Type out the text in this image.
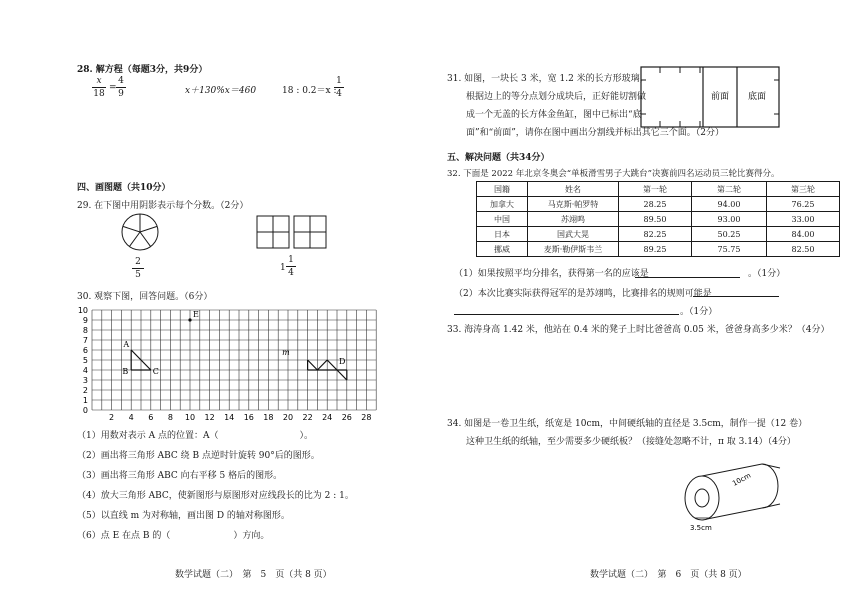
28. 解方程（每题3分，共9分）
x
18
=
4
9	x＋130%x＝460	18 : 0.2＝x :
1
4
四、画图题（共10分）
29. 在下图中用阴影表示每个分数。（2分）
2
5
1
1
4
30. 观察下图，回答问题。（6分）
10
9
8
7
6
5
4
3
2
1
0
2 4 6 8 10 12 14 16 18 20 22 24 26 28
A
B	C
D
E
m
（1）用数对表示 A 点的位置：A（　　　　　　　　　）。
（2）画出将三角形 ABC 绕 B 点逆时针旋转 90°后的图形。
（3）画出将三角形 ABC 向右平移 5 格后的图形。
（4）放大三角形 ABC，使新图形与原图形对应线段长的比为 2 : 1。
（5）以直线 m 为对称轴，画出图 D 的轴对称图形。
（6）点 E 在点 B 的（　　　　　　　）方向。
数学试题（二）　第　5　页（共 8 页）
31. 如图，一块长 3 米，宽 1.2 米的长方形玻璃，
根据边上的等分点划分成块后，正好能切割做
成一个无盖的长方体金鱼缸，图中已标出“底
面”和“前面”，请你在图中画出分割线并标出其它三个面。（2分）
前面 底面
五、解决问题（共34分）
32. 下面是 2022 年北京冬奥会“单板滑雪男子大跳台”决赛前四名运动员三轮比赛得分。
国籍	姓名	第一轮	第二轮	第三轮
加拿大	马克斯·帕罗特	28.25	94.00	76.25
中国	苏翊鸣	89.50	93.00	33.00
日本	国武大晃	82.25	50.25	84.00
挪威	麦斯·勒伊斯韦兰	89.25	75.75	82.50
（1）如果按照平均分排名，获得第一名的应该是	。（1分）
（2）本次比赛实际获得冠军的是苏翊鸣，比赛排名的规则可能是
。（1分）
33. 海涛身高 1.42 米，他站在 0.4 米的凳子上时比爸爸高 0.05 米，爸爸身高多少米？（4分）
34. 如图是一卷卫生纸，纸宽是 10cm，中间硬纸轴的直径是 3.5cm，制作一提（12 卷）
这种卫生纸的纸轴，至少需要多少硬纸板？（接缝处忽略不计，π 取 3.14）（4分）
10cm
3.5cm
数学试题（二）　第　6　页（共 8 页）
